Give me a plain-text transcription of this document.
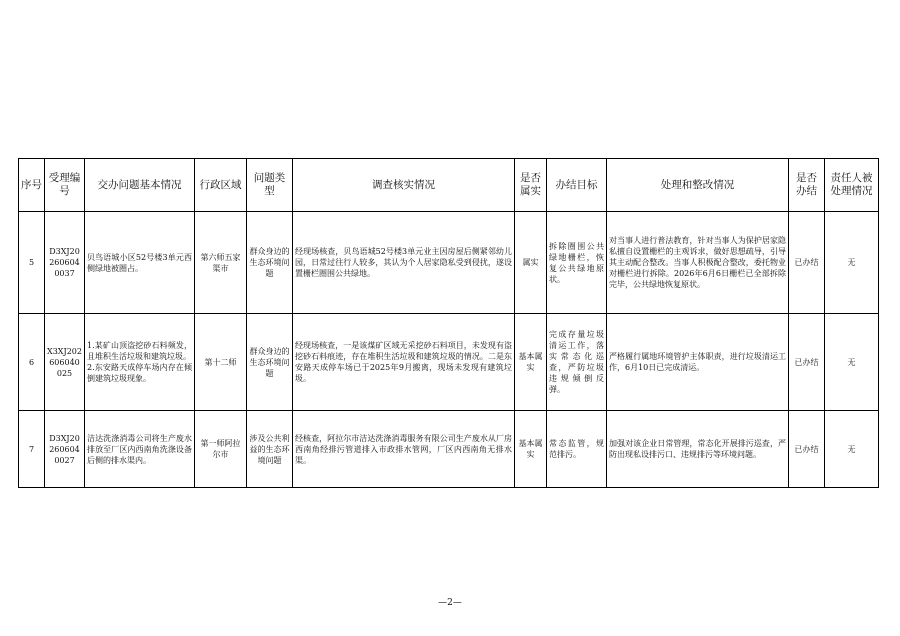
序号	受理编号	交办问题基本情况	行政区域	问题类型	调查核实情况	是否属实	办结目标	处理和整改情况	是否办结	责任人被处理情况
5	D3XJ202606040037	贝鸟语城小区52号楼3单元西侧绿地被圈占。	第六师五家渠市	群众身边的生态环境问题	经现场核查，贝鸟语城52号楼3单元业主因房屋后侧紧邻幼儿园，日常过往行人较多，其认为个人居家隐私受到侵扰，遂设置栅栏圈围公共绿地。	属实	拆除圈围公共绿地栅栏，恢复公共绿地原状。	对当事人进行普法教育，针对当事人为保护居家隐私擅自设置栅栏的主观诉求，做好思想疏导，引导其主动配合整改。当事人积极配合整改，委托物业对栅栏进行拆除。2026年6月6日栅栏已全部拆除完毕，公共绿地恢复原状。	已办结	无
6	X3XJ202606040025	1.某矿山顶盗挖砂石料频发，且堆积生活垃圾和建筑垃圾。
2.东安路天成停车场内存在倾倒建筑垃圾现象。	第十二师	群众身边的生态环境问题	经现场核查，一是该煤矿区域无采挖砂石料项目，未发现有盗挖砂石料痕迹，存在堆积生活垃圾和建筑垃圾的情况。二是东安路天成停车场已于2025年9月搬离，现场未发现有建筑垃圾。	基本属实	完成存量垃圾清运工作，落实常态化巡查，严防垃圾违规倾倒反弹。	严格履行属地环境管护主体职责，进行垃圾清运工作，6月10日已完成清运。	已办结	无
7	D3XJ202606040027	洁达洗涤消毒公司将生产废水排放至厂区内西南角洗涤设备后侧的排水渠内。	第一师阿拉尔市	涉及公共利益的生态环境问题	经核查，阿拉尔市洁达洗涤消毒服务有限公司生产废水从厂房西南角经排污管道排入市政排水管网，厂区内西南角无排水渠。	基本属实	常态监管，规范排污。	加强对该企业日常管理，常态化开展排污巡查，严防出现私设排污口、违规排污等环境问题。	已办结	无
—2—
